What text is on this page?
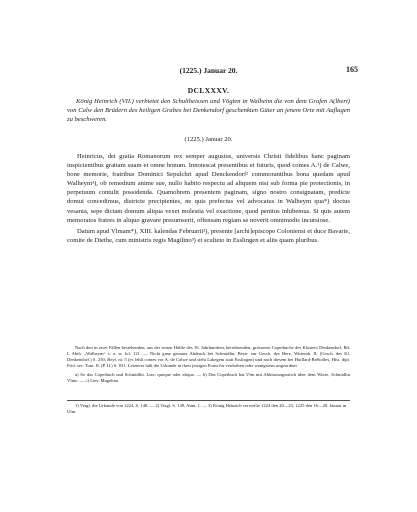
(1225.) Januar 20.	165
DCLXXXV.
König Heinrich (VII.) verbietet den Schultheissen und Vögten in Walheim die von dem Grafen A(lbert) von Calw den Brüdern des heiligen Grabes bei Denkendorf geschenkten Güter an jenem Orte mit Auflagen zu beschweren.
(1225.) Januar 20.

Heinricus, dei gratia Romanorum rex semper augustus, universis Christi fidelibus hanc paginam inspicientibus gratiam suam et omne bonum. Innotescat presentibus et futuris, quod comes A.¹) de Calwe, bone memorie, fratribus Dominici Sepulchri apud Denckendorf² commorantibus bona quedam apud Walheym³), ob remedium anime sue, nullo habito respectu ad aliquem nisi sub forma pie protectionis, in perpetuum contulit possidenda. Quamobrem presentem paginam, signo nostro consignatam, predicte domui concedimus, districte precipientes, ne quis prefectus vel advocatus in Walheym qua*) doctus vesania, sepe dictam domum aliqua vexet molestia vel exactione, quod penitus inhibemus. Si quis autem memoratos fratres in aliquo gravare presumserit, offensam regiam se noverit omnimodis incursiose.

Datum apud Vlmam*), XIII. kalendas Februarii²), presente [archi]episcopo Coloniensi et duce Bavarie, comite de Diethe, cum ministris regis Magilino³) et sculteto in Esslingen et aliis quam pluribus.

Nach den in zwei Fällen bestehenden, aus der ersten Hälfte des 16. Jahrhunderts herrührenden, grösseren Copeibuche des Klosters Denkendorf, Bd. I, Abth. „Walheym“ s. u. w. fol. 121. — Nicht ganz genauer Abdruck bei Schmidlin, Beytr. zur Gesch. des Herz. Wirtemb. II, (Gesch. des Kl. Denkendorf,) S. 250, Beyl. nr. 5 (es fehlt comes vor A. de Calwe und steht Lakegem statt Esslingen) und nach diesem bei Huillard-Bréholles, Hist. dipl. Frid. sec. Tom. II. (P. II.) S. 831. Letzterer hält die Urkunde in ihrer jetzigen Form für verdorben oder wenigstens ungeordnet.

a) So das Copeibuch und Schmidlin. Lies: quoque oder aliqua. — b) Das Copeibuch hat Vlm mit Abkürzungsstrich über dem Worte, Schmidlin Vlmo. — c) Lies: Magelino.

1) Vergl. die Urkunde von 1224, S. 148. — 2) Vergl. S. 149, Anm. 1. — 3) König Heinrich verweilte 1224 den 20—23, 1225 den 16—20. Januar in Ulm.
